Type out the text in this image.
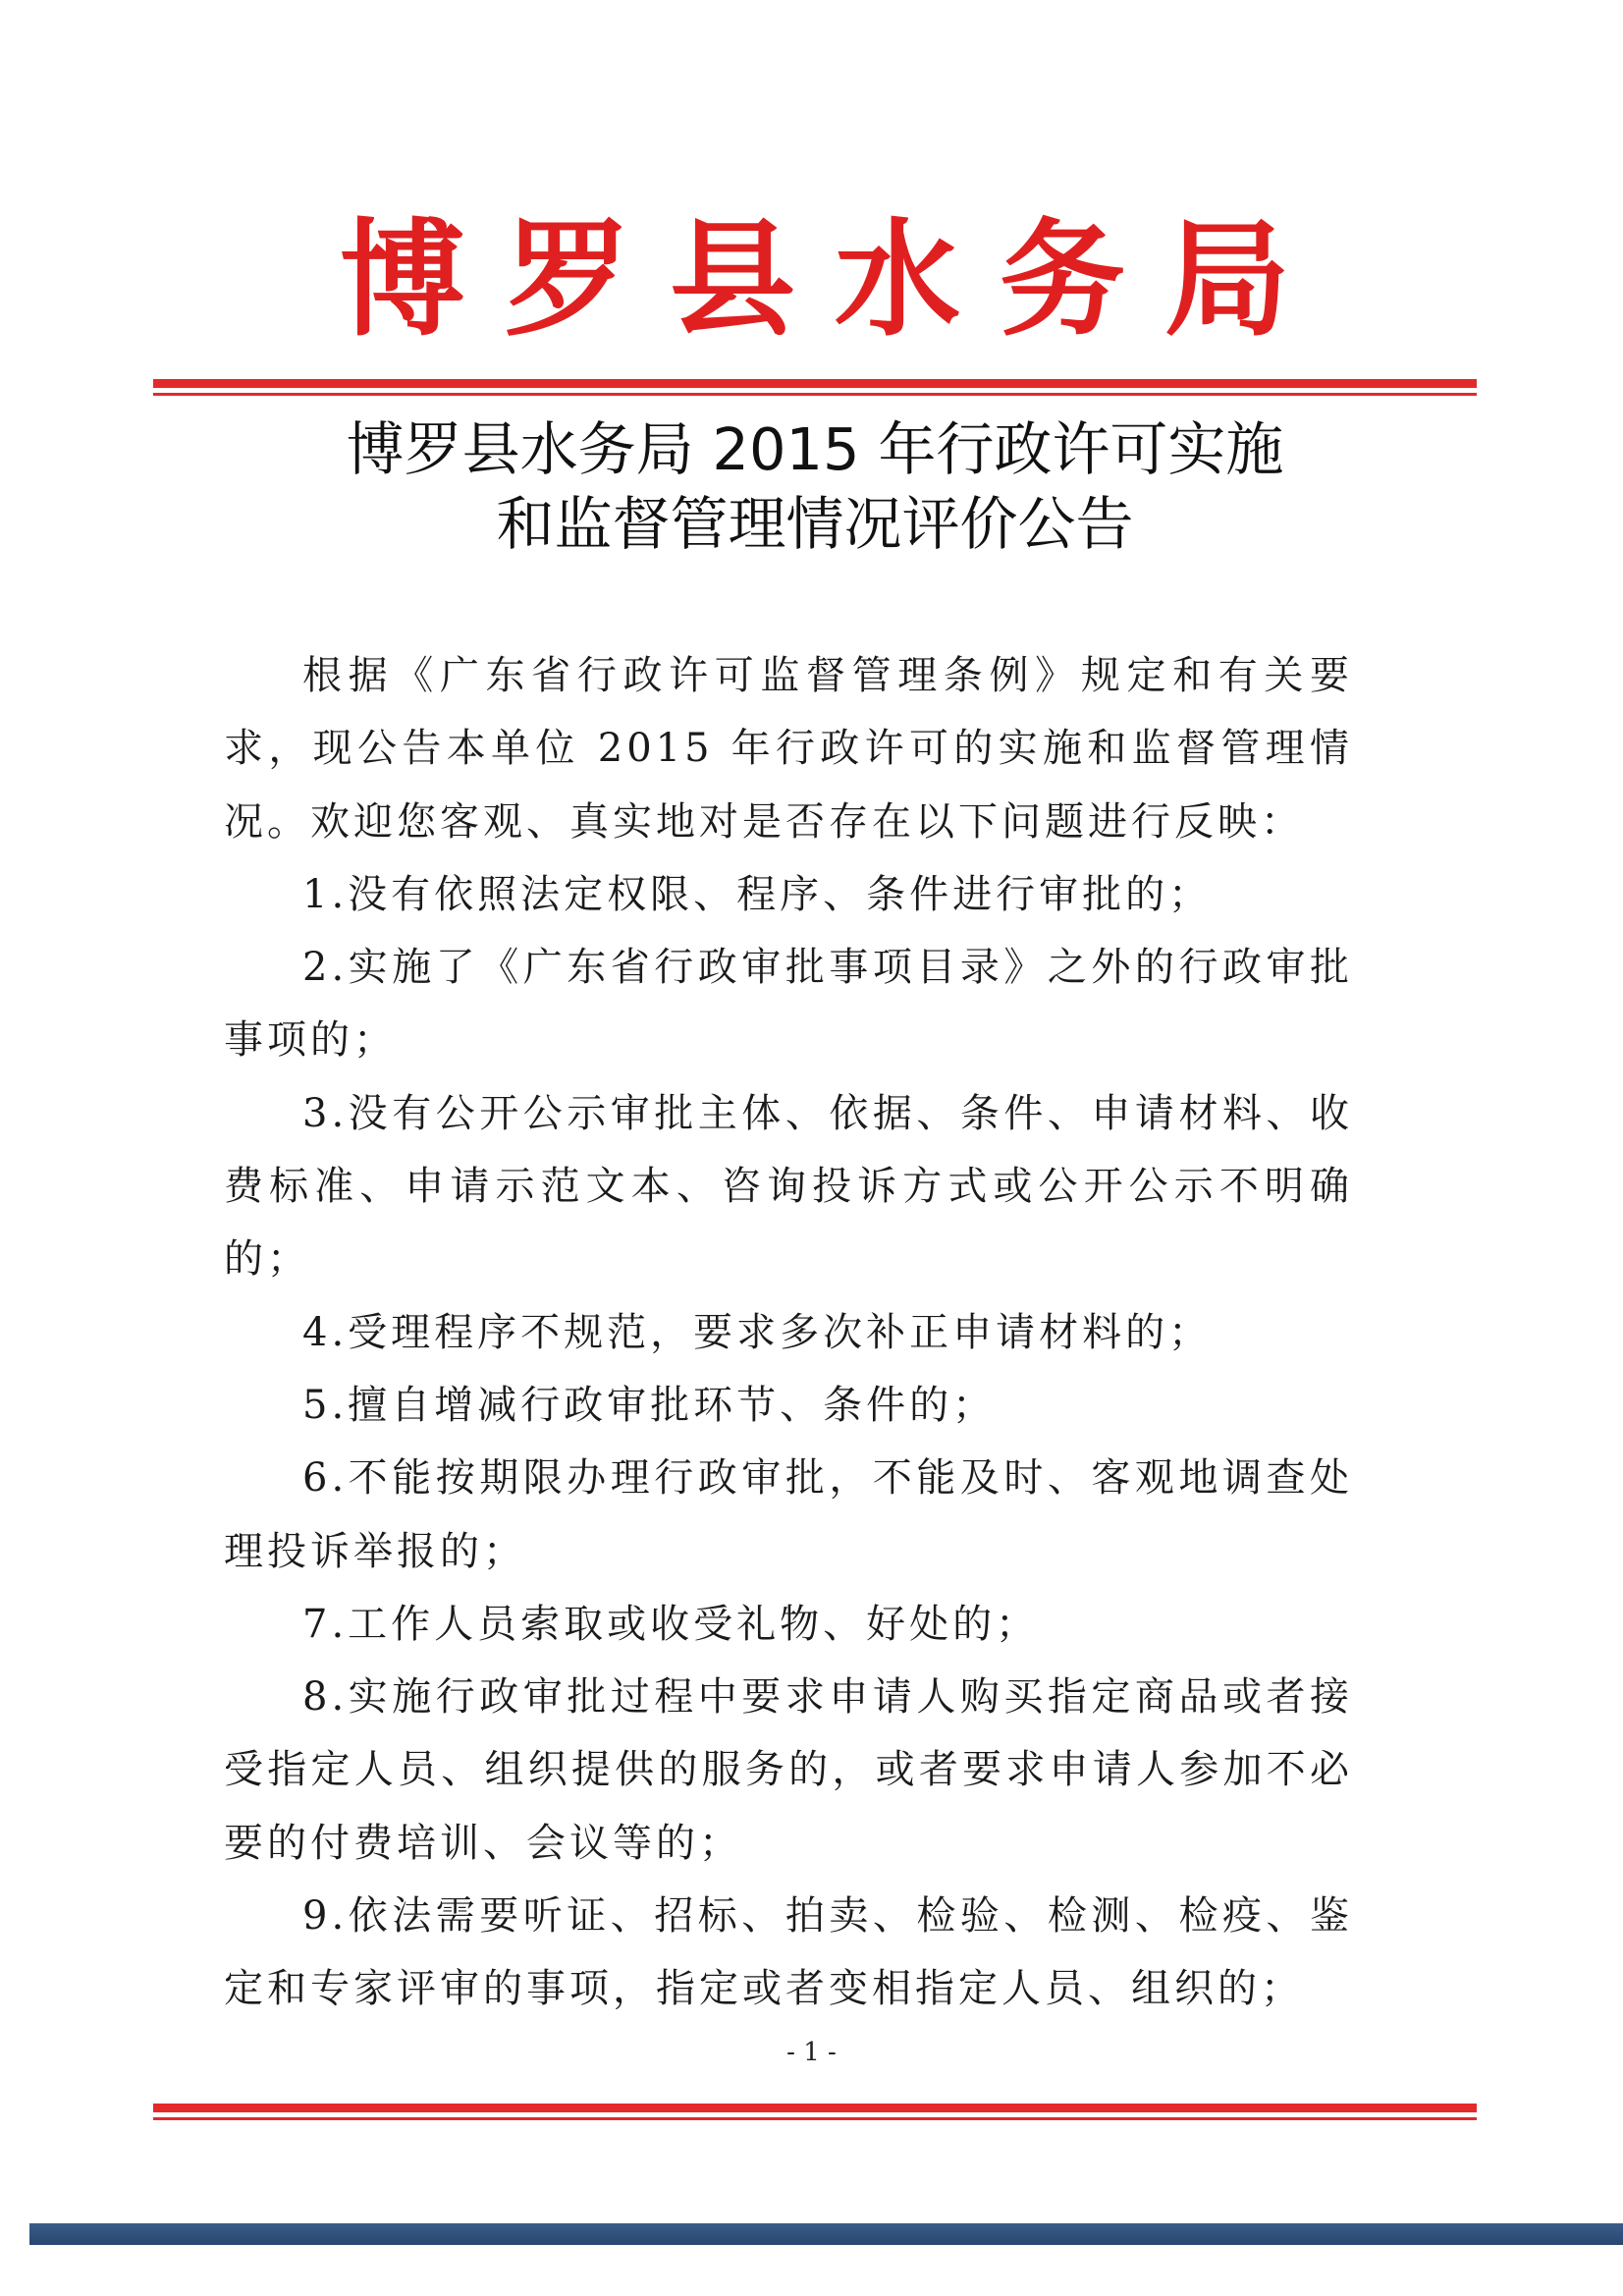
博 罗 县 水 务 局
博罗县水务局 2015 年行政许可实施
和监督管理情况评价公告

根据《广东省行政许可监督管理条例》规定和有关要求，现公告本单位 2015 年行政许可的实施和监督管理情况。欢迎您客观、真实地对是否存在以下问题进行反映：

1.没有依照法定权限、程序、条件进行审批的；

2.实施了《广东省行政审批事项目录》之外的行政审批事项的；

3.没有公开公示审批主体、依据、条件、申请材料、收费标准、申请示范文本、咨询投诉方式或公开公示不明确的；

4.受理程序不规范，要求多次补正申请材料的；

5.擅自增减行政审批环节、条件的；

6.不能按期限办理行政审批，不能及时、客观地调查处理投诉举报的；

7.工作人员索取或收受礼物、好处的；

8.实施行政审批过程中要求申请人购买指定商品或者接受指定人员、组织提供的服务的，或者要求申请人参加不必要的付费培训、会议等的；

9.依法需要听证、招标、拍卖、检验、检测、检疫、鉴定和专家评审的事项，指定或者变相指定人员、组织的；

- 1 -
